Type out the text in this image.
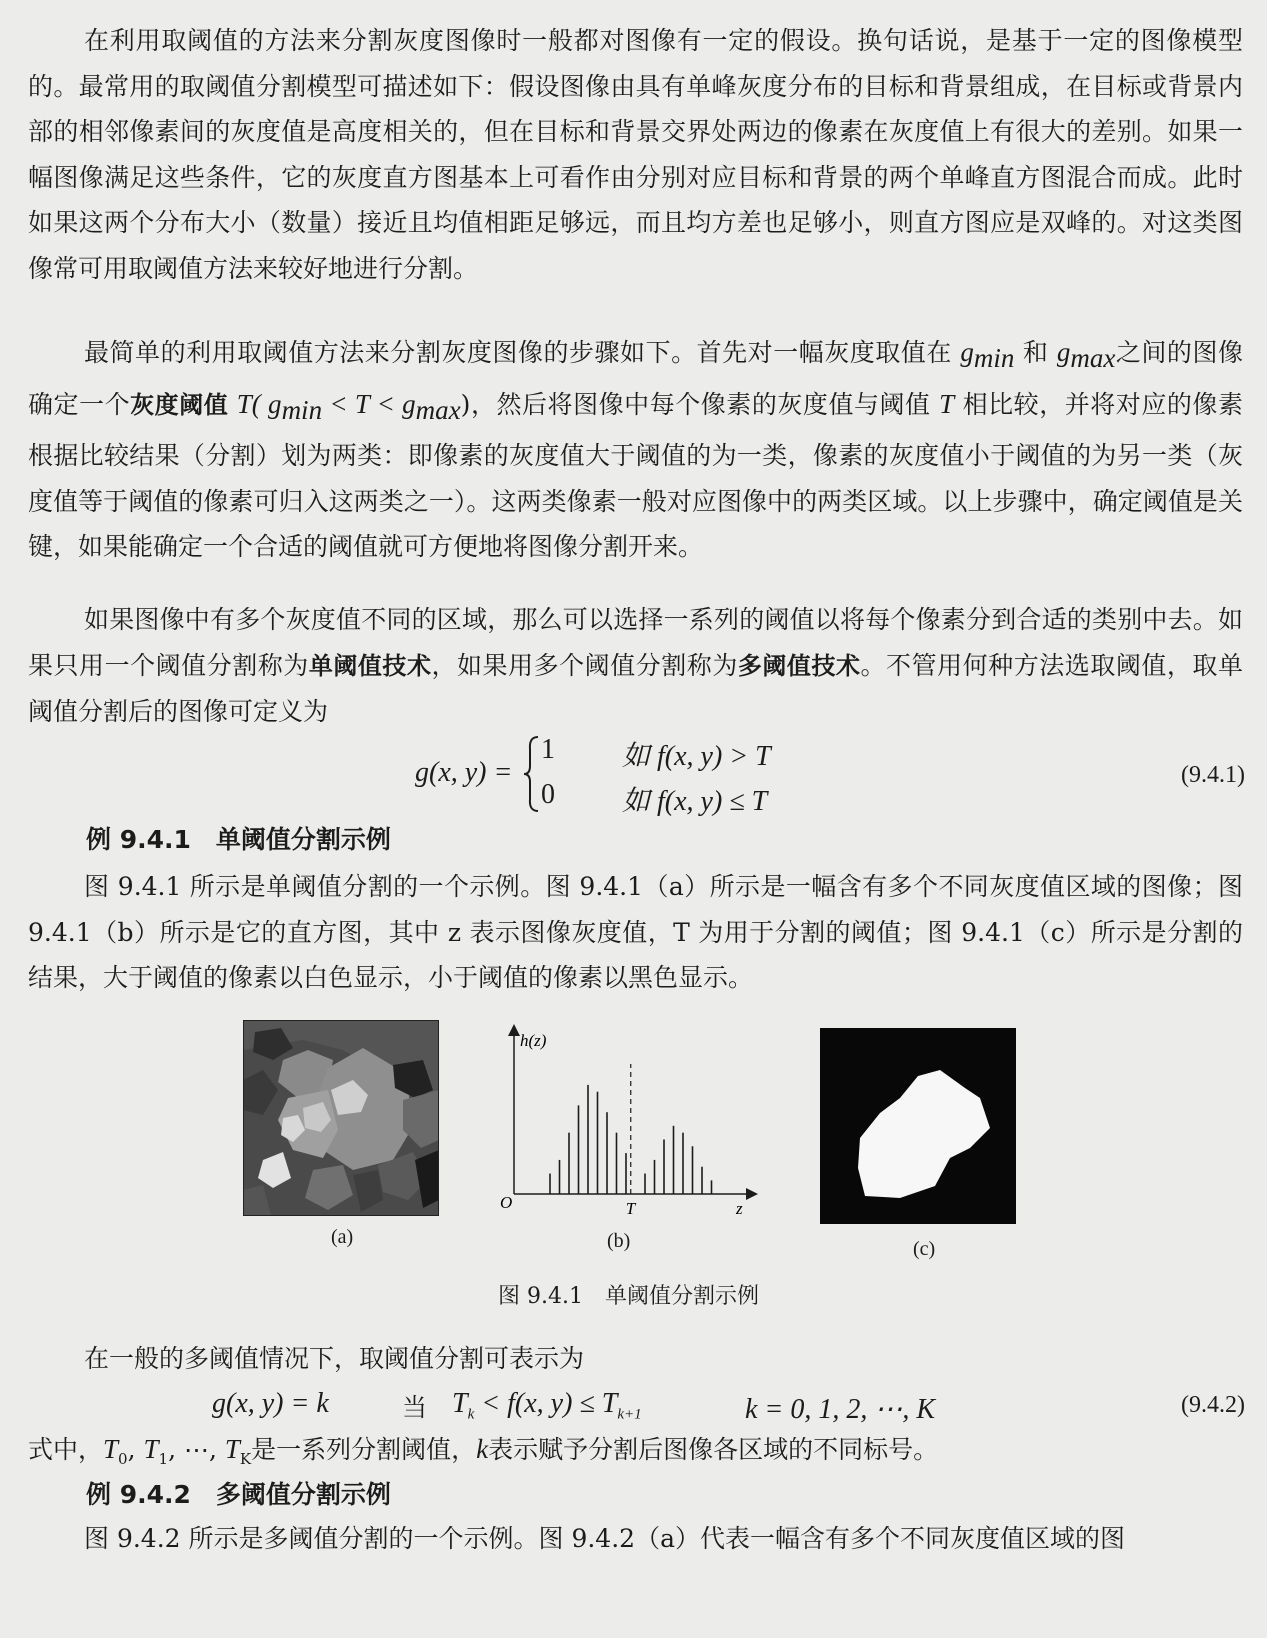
在利用取阈值的方法来分割灰度图像时一般都对图像有一定的假设。换句话说，是基于一定的图像模型的。最常用的取阈值分割模型可描述如下：假设图像由具有单峰灰度分布的目标和背景组成，在目标或背景内部的相邻像素间的灰度值是高度相关的，但在目标和背景交界处两边的像素在灰度值上有很大的差别。如果一幅图像满足这些条件，它的灰度直方图基本上可看作由分别对应目标和背景的两个单峰直方图混合而成。此时如果这两个分布大小（数量）接近且均值相距足够远，而且均方差也足够小，则直方图应是双峰的。对这类图像常可用取阈值方法来较好地进行分割。

最简单的利用取阈值方法来分割灰度图像的步骤如下。首先对一幅灰度取值在 $g_{min}$ 和 $g_{max}$之间的图像确定一个灰度阈值 T( $g_{min} < T < g_{max}$)，然后将图像中每个像素的灰度值与阈值 T 相比较，并将对应的像素根据比较结果（分割）划为两类：即像素的灰度值大于阈值的为一类，像素的灰度值小于阈值的为另一类（灰度值等于阈值的像素可归入这两类之一）。这两类像素一般对应图像中的两类区域。以上步骤中，确定阈值是关键，如果能确定一个合适的阈值就可方便地将图像分割开来。

如果图像中有多个灰度值不同的区域，那么可以选择一系列的阈值以将每个像素分到合适的类别中去。如果只用一个阈值分割称为单阈值技术，如果用多个阈值分割称为多阈值技术。不管用何种方法选取阈值，取单阈值分割后的图像可定义为

g(x, y) =
1 如 f(x, y) > T
0 如 f(x, y) ≤ T
(9.4.1)

例 9.4.1　单阈值分割示例

图 9.4.1 所示是单阈值分割的一个示例。图 9.4.1（a）所示是一幅含有多个不同灰度值区域的图像；图 9.4.1（b）所示是它的直方图，其中 z 表示图像灰度值，T 为用于分割的阈值；图 9.4.1（c）所示是分割的结果，大于阈值的像素以白色显示，小于阈值的像素以黑色显示。

(a)
h(z)
O	T	z
(b)	(c)
图 9.4.1　单阈值分割示例

在一般的多阈值情况下，取阈值分割可表示为

g(x, y) = k	当 $T_k < f(x$, $y) \le T_{k+1}$	k = 0, 1, 2, ⋯, K	(9.4.2)

式中，$T_0$, $T_1$, ⋯, $T_K$是一系列分割阈值，k表示赋予分割后图像各区域的不同标号。

例 9.4.2　多阈值分割示例

图 9.4.2 所示是多阈值分割的一个示例。图 9.4.2（a）代表一幅含有多个不同灰度值区域的图
